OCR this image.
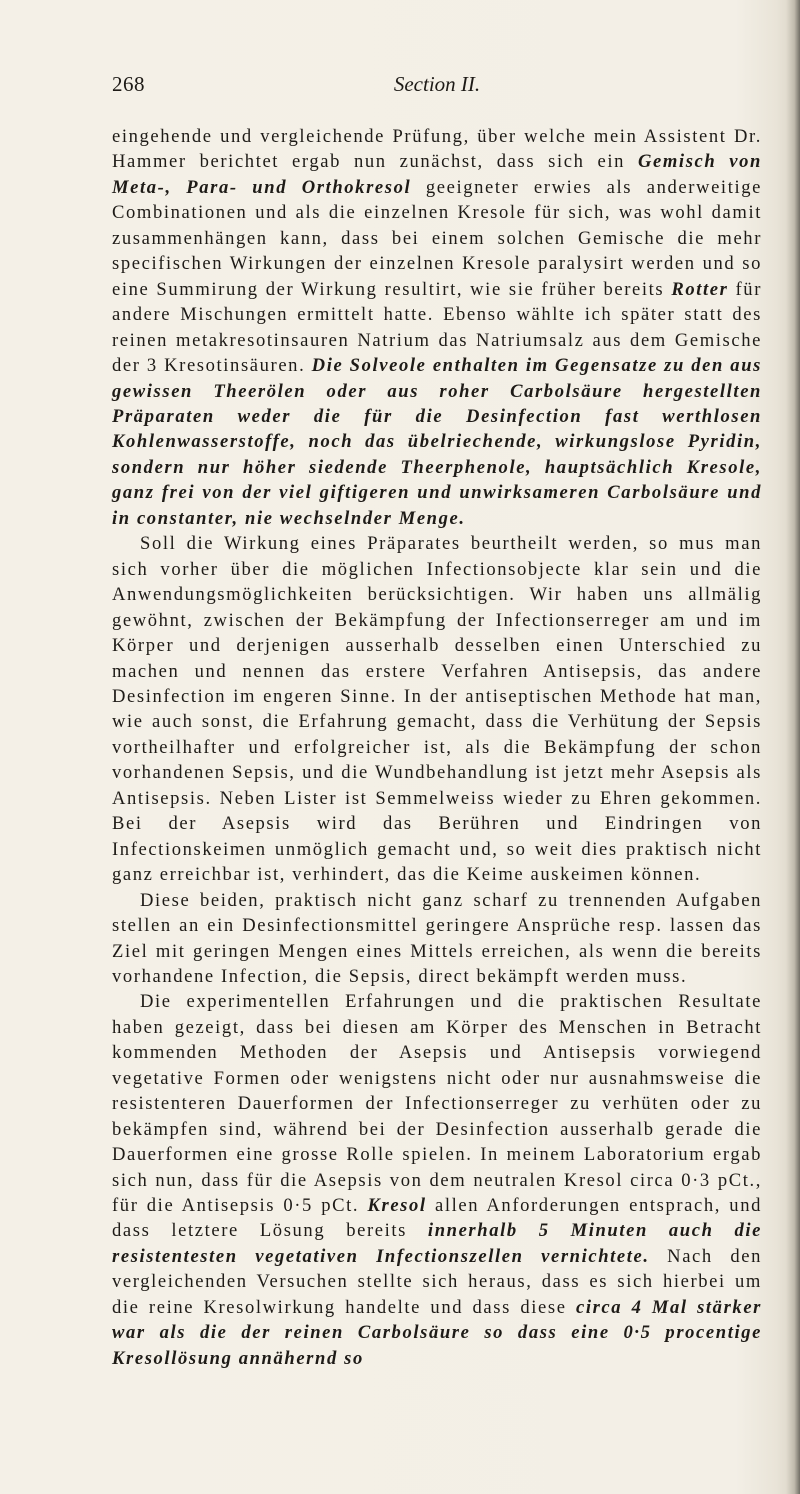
268	Section II.

eingehende und vergleichende Prüfung, über welche mein Assistent Dr. Hammer berichtet ergab nun zunächst, dass sich ein Gemisch von Meta-, Para- und Orthokresol geeigneter erwies als anderweitige Combinationen und als die einzelnen Kresole für sich, was wohl damit zusammenhängen kann, dass bei einem solchen Gemische die mehr specifischen Wirkungen der einzelnen Kresole paralysirt werden und so eine Summirung der Wirkung resultirt, wie sie früher bereits Rotter für andere Mischungen ermittelt hatte. Ebenso wählte ich später statt des reinen metakresotinsauren Natrium das Natriumsalz aus dem Gemische der 3 Kresotinsäuren. Die Solveole enthalten im Gegensatze zu den aus gewissen Theerölen oder aus roher Carbolsäure hergestellten Präparaten weder die für die Desinfection fast werthlosen Kohlenwasserstoffe, noch das übelriechende, wirkungslose Pyridin, sondern nur höher siedende Theerphenole, hauptsächlich Kresole, ganz frei von der viel giftigeren und unwirksameren Carbolsäure und in constanter, nie wechselnder Menge.

Soll die Wirkung eines Präparates beurtheilt werden, so mus man sich vorher über die möglichen Infectionsobjecte klar sein und die Anwendungsmöglichkeiten berücksichtigen. Wir haben uns allmälig gewöhnt, zwischen der Bekämpfung der Infectionserreger am und im Körper und derjenigen ausserhalb desselben einen Unterschied zu machen und nennen das erstere Verfahren Antisepsis, das andere Desinfection im engeren Sinne. In der antiseptischen Methode hat man, wie auch sonst, die Erfahrung gemacht, dass die Verhütung der Sepsis vortheilhafter und erfolgreicher ist, als die Bekämpfung der schon vorhandenen Sepsis, und die Wundbehandlung ist jetzt mehr Asepsis als Antisepsis. Neben Lister ist Semmelweiss wieder zu Ehren gekommen. Bei der Asepsis wird das Berühren und Eindringen von Infectionskeimen unmöglich gemacht und, so weit dies praktisch nicht ganz erreichbar ist, verhindert, das die Keime auskeimen können.

Diese beiden, praktisch nicht ganz scharf zu trennenden Aufgaben stellen an ein Desinfectionsmittel geringere Ansprüche resp. lassen das Ziel mit geringen Mengen eines Mittels erreichen, als wenn die bereits vorhandene Infection, die Sepsis, direct bekämpft werden muss.

Die experimentellen Erfahrungen und die praktischen Resultate haben gezeigt, dass bei diesen am Körper des Menschen in Betracht kommenden Methoden der Asepsis und Antisepsis vorwiegend vegetative Formen oder wenigstens nicht oder nur ausnahmsweise die resistenteren Dauerformen der Infectionserreger zu verhüten oder zu bekämpfen sind, während bei der Desinfection ausserhalb gerade die Dauerformen eine grosse Rolle spielen. In meinem Laboratorium ergab sich nun, dass für die Asepsis von dem neutralen Kresol circa 0·3 pCt., für die Antisepsis 0·5 pCt. Kresol allen Anforderungen entsprach, und dass letztere Lösung bereits innerhalb 5 Minuten auch die resistentesten vegetativen Infectionszellen vernichtete. Nach den vergleichenden Versuchen stellte sich heraus, dass es sich hierbei um die reine Kresolwirkung handelte und dass diese circa 4 Mal stärker war als die der reinen Carbolsäure so dass eine 0·5 procentige Kresollösung annähernd so
